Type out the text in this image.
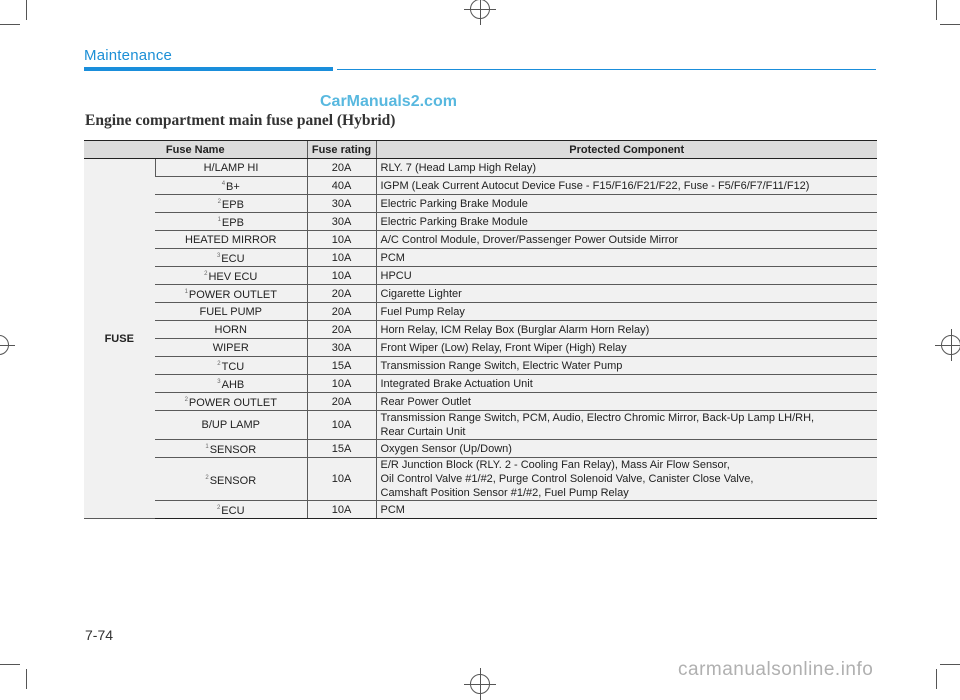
Maintenance
CarManuals2.com
Engine compartment main fuse panel (Hybrid)
Fuse Name		Fuse rating	Protected Component
FUSE	H/LAMP HI	20A	RLY. 7 (Head Lamp High Relay)
	$^4$B+	40A	IGPM (Leak Current Autocut Device Fuse - F15/F16/F21/F22, Fuse - F5/F6/F7/F11/F12)
	$^2$EPB	30A	Electric Parking Brake Module
	$^1$EPB	30A	Electric Parking Brake Module
	HEATED MIRROR	10A	A/C Control Module, Drover/Passenger Power Outside Mirror
	$^3$ECU	10A	PCM
	$^2$HEV ECU	10A	HPCU
	$^1$POWER OUTLET	20A	Cigarette Lighter
	FUEL PUMP	20A	Fuel Pump Relay
	HORN	20A	Horn Relay, ICM Relay Box (Burglar Alarm Horn Relay)
	WIPER	30A	Front Wiper (Low) Relay, Front Wiper (High) Relay
	$^2$TCU	15A	Transmission Range Switch, Electric Water Pump
	$^3$AHB	10A	Integrated Brake Actuation Unit
	$^2$POWER OUTLET	20A	Rear Power Outlet
	B/UP LAMP	10A	Transmission Range Switch, PCM, Audio, Electro Chromic Mirror, Back-Up Lamp LH/RH,
Rear Curtain Unit
	$^1$SENSOR	15A	Oxygen Sensor (Up/Down)
	$^2$SENSOR	10A	E/R Junction Block (RLY. 2 - Cooling Fan Relay), Mass Air Flow Sensor,
Oil Control Valve #1/#2, Purge Control Solenoid Valve, Canister Close Valve,
Camshaft Position Sensor #1/#2, Fuel Pump Relay
	$^2$ECU	10A	PCM
7-74
carmanualsonline.info
